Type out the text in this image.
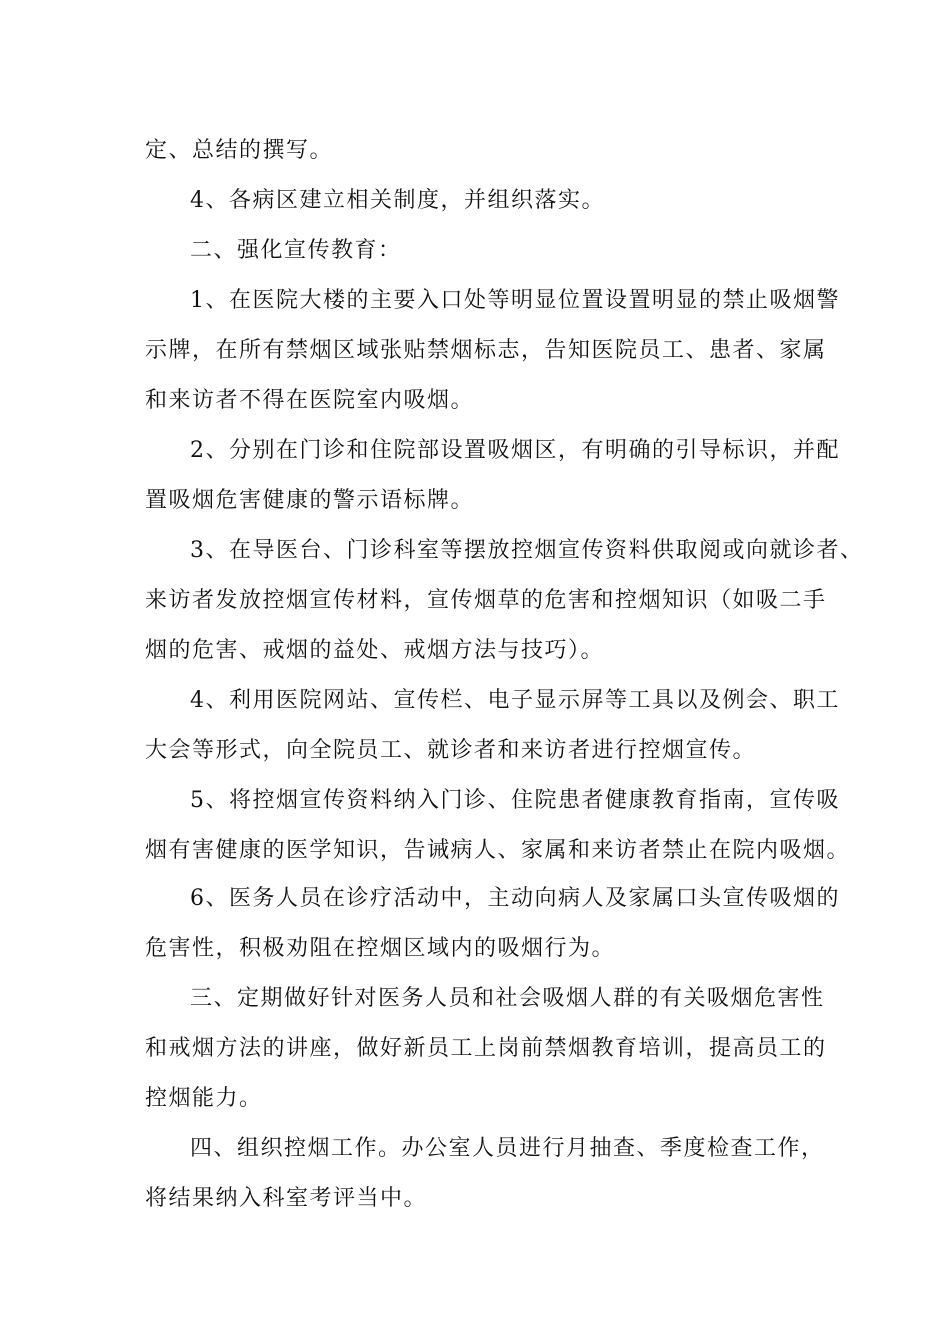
定、总结的撰写。
4、各病区建立相关制度，并组织落实。
二、强化宣传教育：
1、在医院大楼的主要入口处等明显位置设置明显的禁止吸烟警
示牌，在所有禁烟区域张贴禁烟标志，告知医院员工、患者、家属
和来访者不得在医院室内吸烟。
2、分别在门诊和住院部设置吸烟区，有明确的引导标识，并配
置吸烟危害健康的警示语标牌。
3、在导医台、门诊科室等摆放控烟宣传资料供取阅或向就诊者、
来访者发放控烟宣传材料，宣传烟草的危害和控烟知识（如吸二手
烟的危害、戒烟的益处、戒烟方法与技巧）。
4、利用医院网站、宣传栏、电子显示屏等工具以及例会、职工
大会等形式，向全院员工、就诊者和来访者进行控烟宣传。
5、将控烟宣传资料纳入门诊、住院患者健康教育指南，宣传吸
烟有害健康的医学知识，告诫病人、家属和来访者禁止在院内吸烟。
6、医务人员在诊疗活动中，主动向病人及家属口头宣传吸烟的
危害性，积极劝阻在控烟区域内的吸烟行为。
三、定期做好针对医务人员和社会吸烟人群的有关吸烟危害性
和戒烟方法的讲座，做好新员工上岗前禁烟教育培训，提高员工的
控烟能力。
四、组织控烟工作。办公室人员进行月抽查、季度检查工作，
将结果纳入科室考评当中。
